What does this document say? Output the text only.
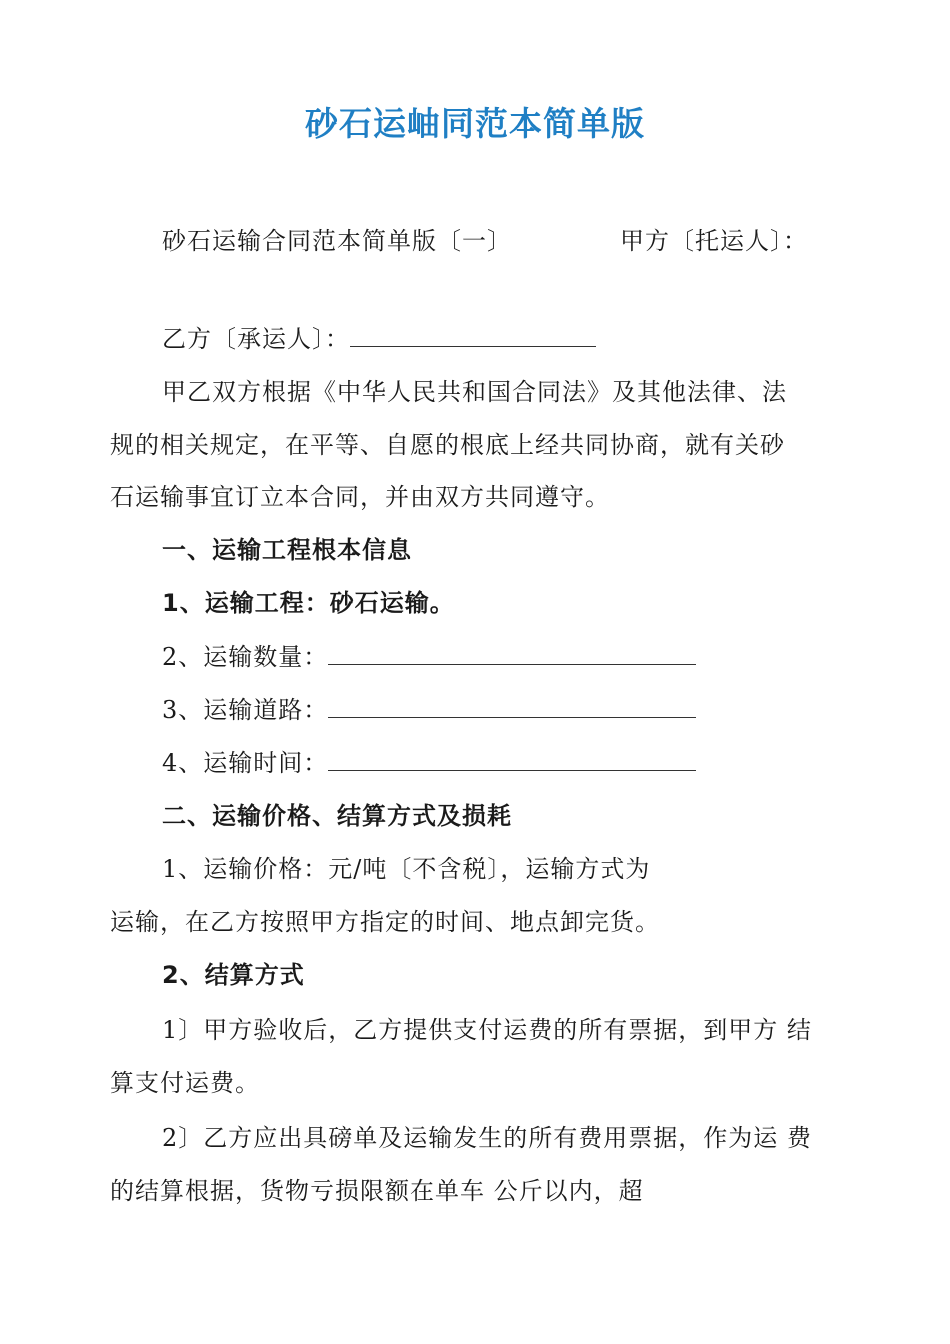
砂石运岫同范本简单版
砂石运输合同范本简单版〔一〕	甲方〔托运人〕：
乙方〔承运人〕：
甲乙双方根据《中华人民共和国合同法》及其他法律、法
规的相关规定，在平等、自愿的根底上经共同协商，就有关砂
石运输事宜订立本合同，并由双方共同遵守。
一、运输工程根本信息
1、运输工程：砂石运输。
2、运输数量：
3、运输道路：
4、运输时间：
二、运输价格、结算方式及损耗
1、运输价格：元/吨〔不含税〕，运输方式为
运输，在乙方按照甲方指定的时间、地点卸完货。
2、结算方式
1〕甲方验收后，乙方提供支付运费的所有票据，到甲方 结
算支付运费。
2〕乙方应出具磅单及运输发生的所有费用票据，作为运 费
的结算根据，货物亏损限额在单车 公斤以内，超
